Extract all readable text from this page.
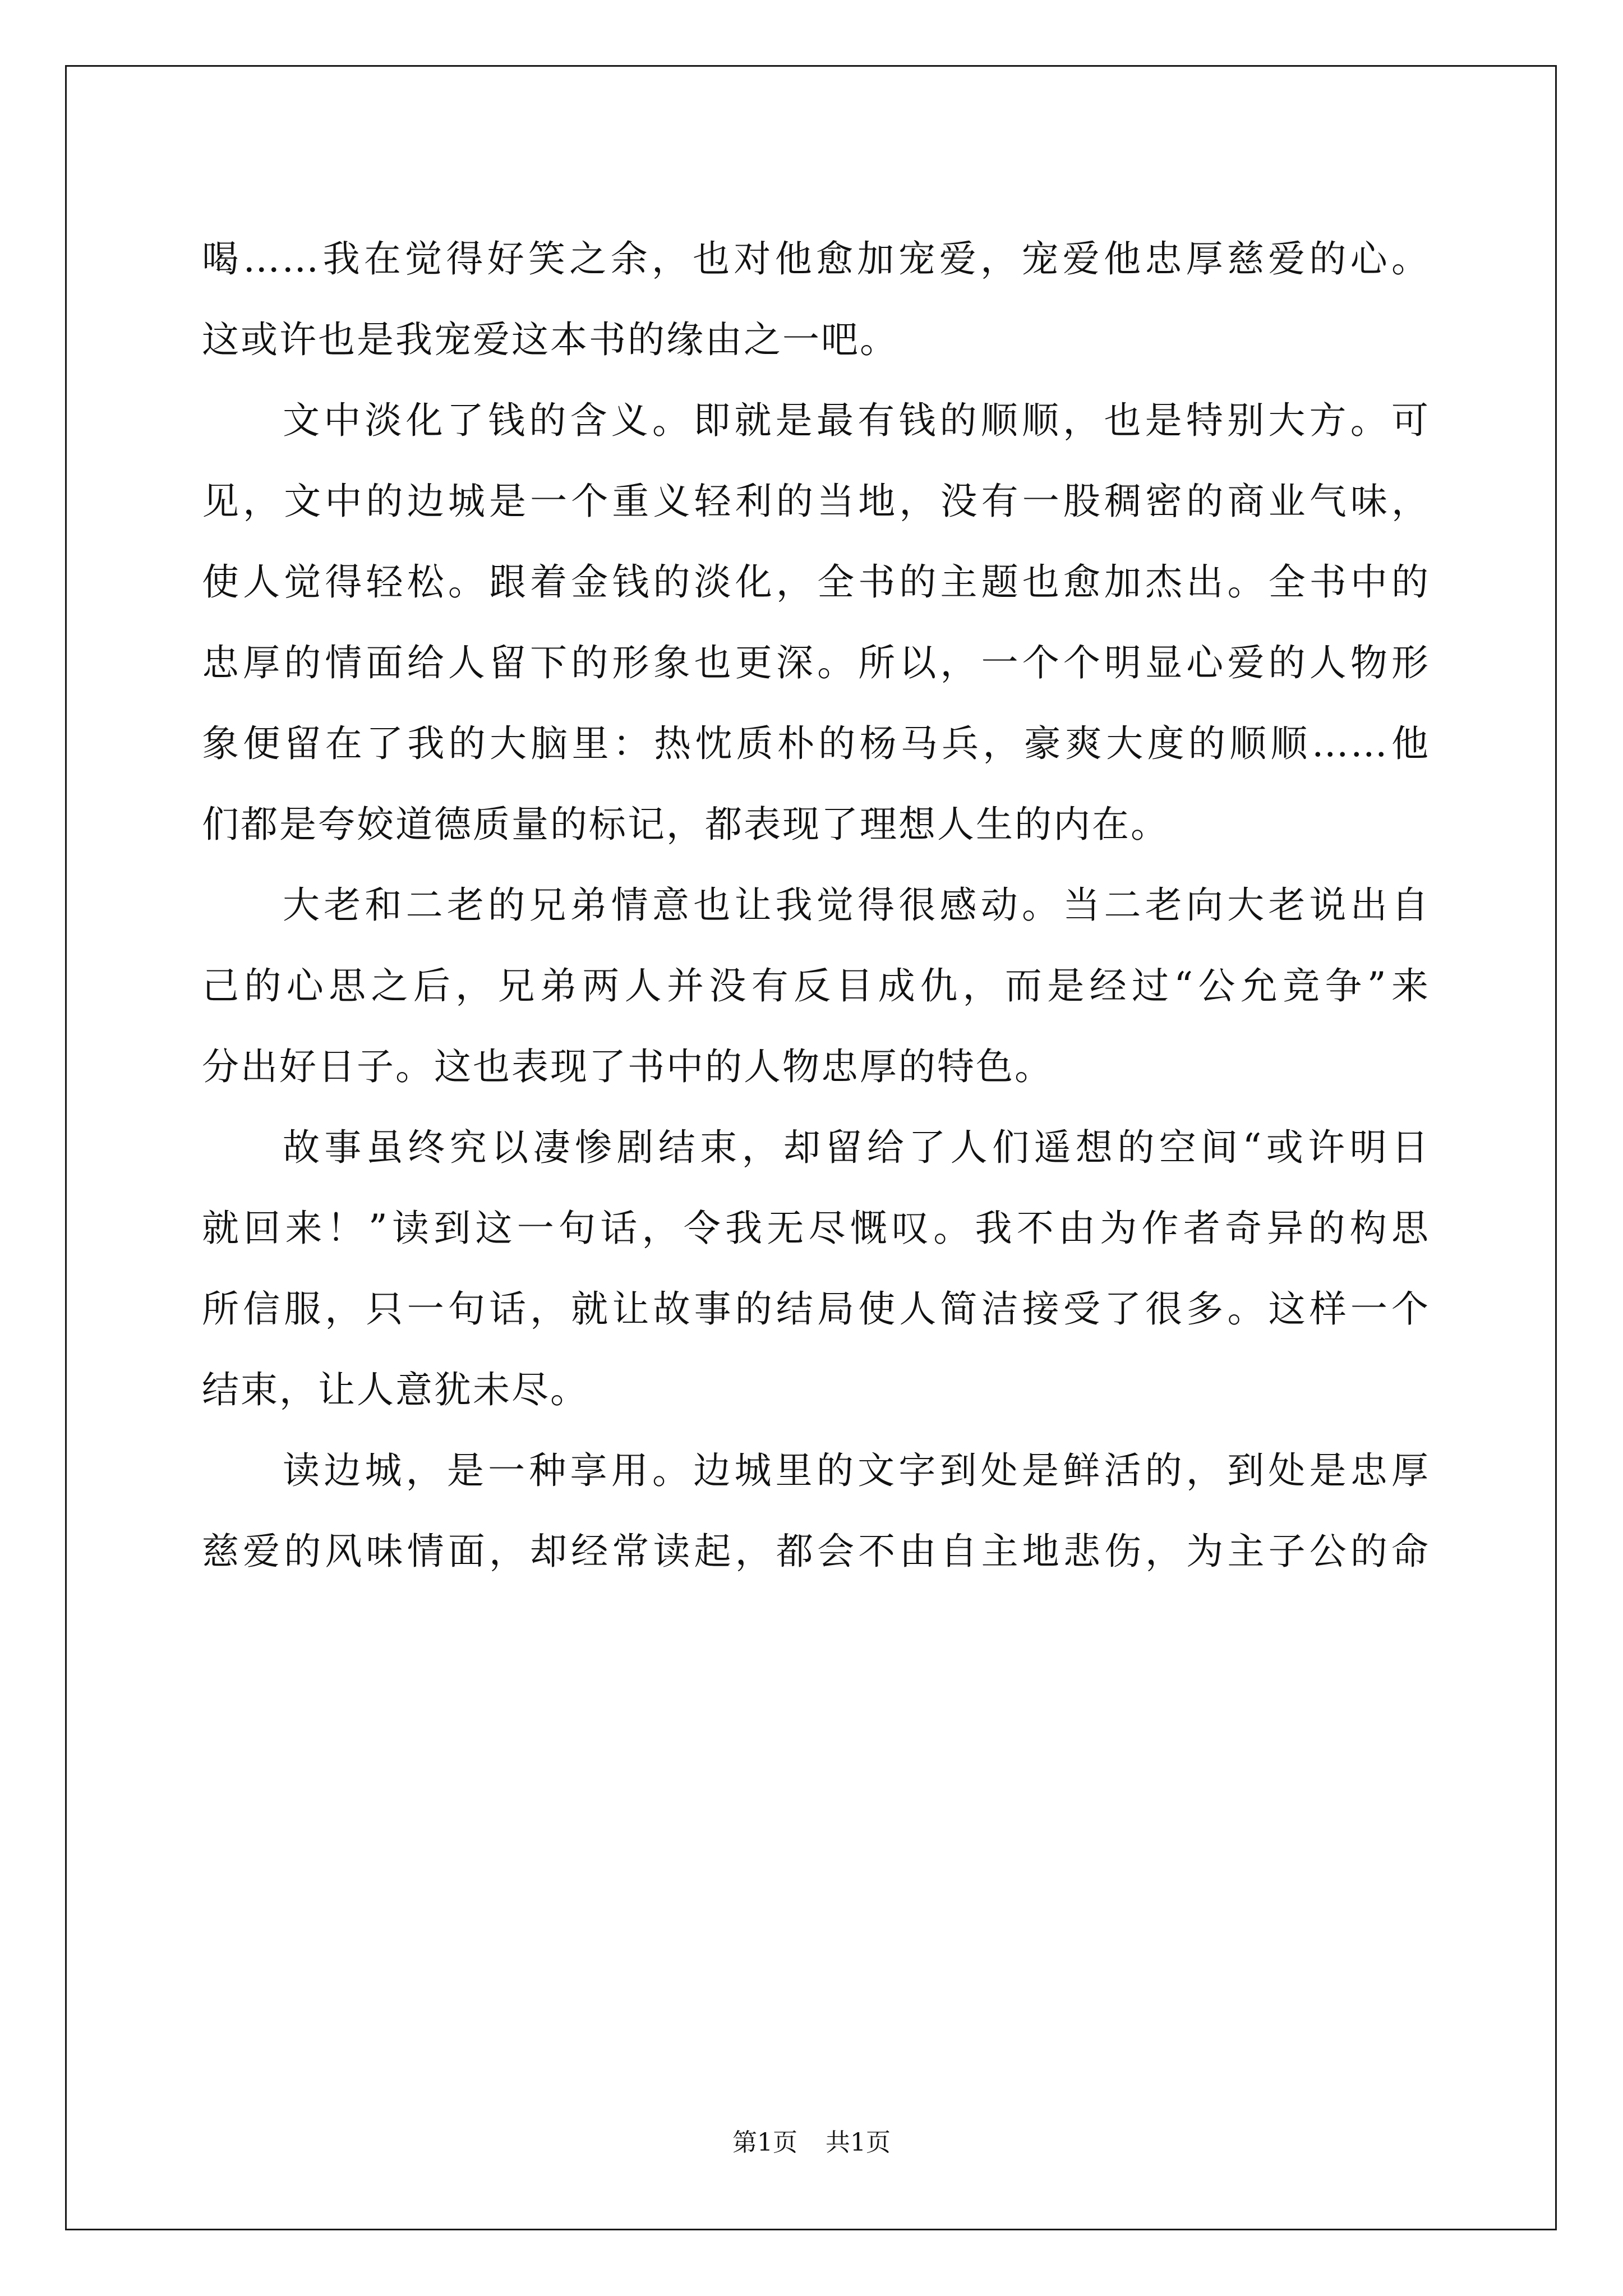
喝……我在觉得好笑之余，也对他愈加宠爱，宠爱他忠厚慈爱的心。
这或许也是我宠爱这本书的缘由之一吧。
文中淡化了钱的含义。即就是最有钱的顺顺，也是特别大方。可
见，文中的边城是一个重义轻利的当地，没有一股稠密的商业气味，
使人觉得轻松。跟着金钱的淡化，全书的主题也愈加杰出。全书中的
忠厚的情面给人留下的形象也更深。所以，一个个明显心爱的人物形
象便留在了我的大脑里：热忱质朴的杨马兵，豪爽大度的顺顺……他
们都是夸姣道德质量的标记，都表现了理想人生的内在。
大老和二老的兄弟情意也让我觉得很感动。当二老向大老说出自
己的心思之后，兄弟两人并没有反目成仇，而是经过“公允竞争”来
分出好日子。这也表现了书中的人物忠厚的特色。
故事虽终究以凄惨剧结束，却留给了人们遥想的空间“或许明日
就回来！”读到这一句话，令我无尽慨叹。我不由为作者奇异的构思
所信服，只一句话，就让故事的结局使人简洁接受了很多。这样一个
结束，让人意犹未尽。
读边城，是一种享用。边城里的文字到处是鲜活的，到处是忠厚
慈爱的风味情面，却经常读起，都会不由自主地悲伤，为主子公的命
第1页 共1页
